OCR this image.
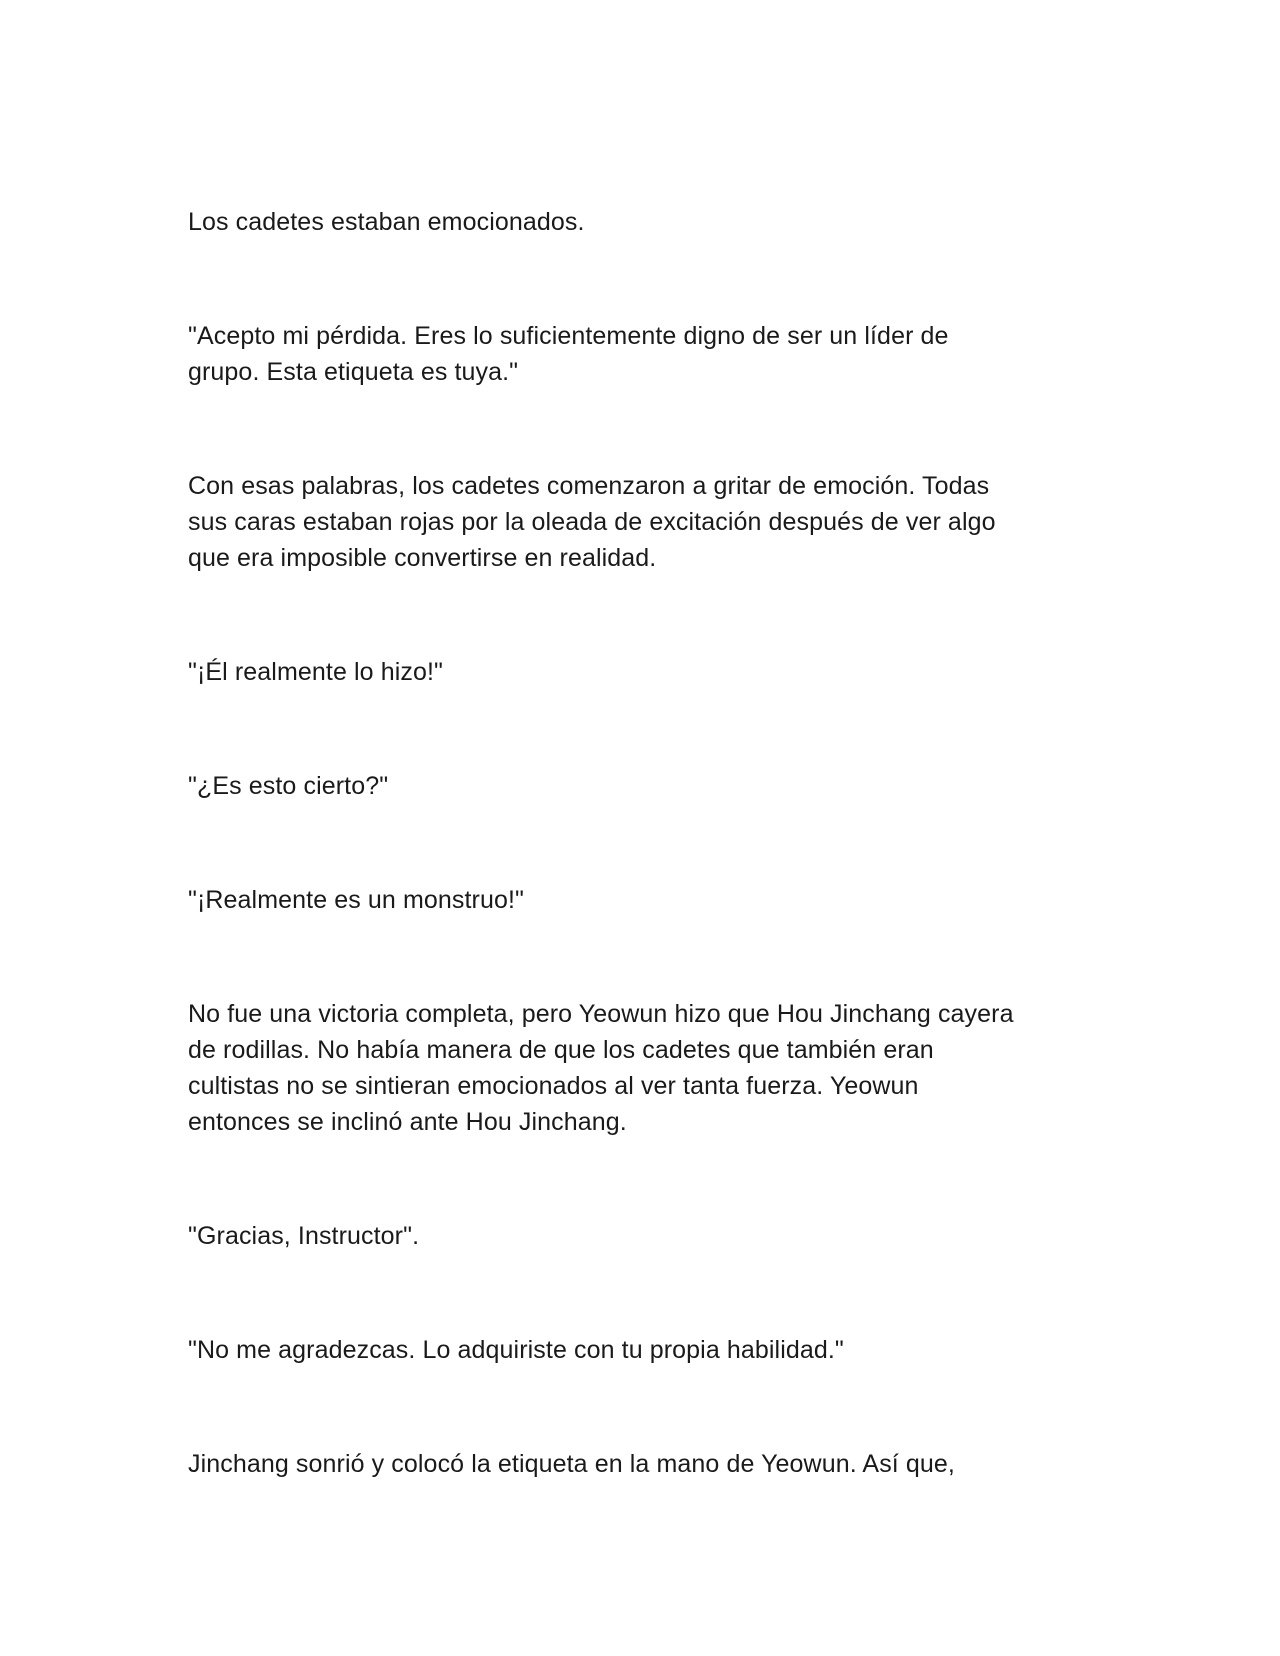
Los cadetes estaban emocionados.

"Acepto mi pérdida. Eres lo suficientemente digno de ser un líder de
grupo. Esta etiqueta es tuya."

Con esas palabras, los cadetes comenzaron a gritar de emoción. Todas
sus caras estaban rojas por la oleada de excitación después de ver algo
que era imposible convertirse en realidad.

"¡Él realmente lo hizo!"

"¿Es esto cierto?"

"¡Realmente es un monstruo!"

No fue una victoria completa, pero Yeowun hizo que Hou Jinchang cayera
de rodillas. No había manera de que los cadetes que también eran
cultistas no se sintieran emocionados al ver tanta fuerza. Yeowun
entonces se inclinó ante Hou Jinchang.

"Gracias, Instructor".

"No me agradezcas. Lo adquiriste con tu propia habilidad."

Jinchang sonrió y colocó la etiqueta en la mano de Yeowun. Así que,
